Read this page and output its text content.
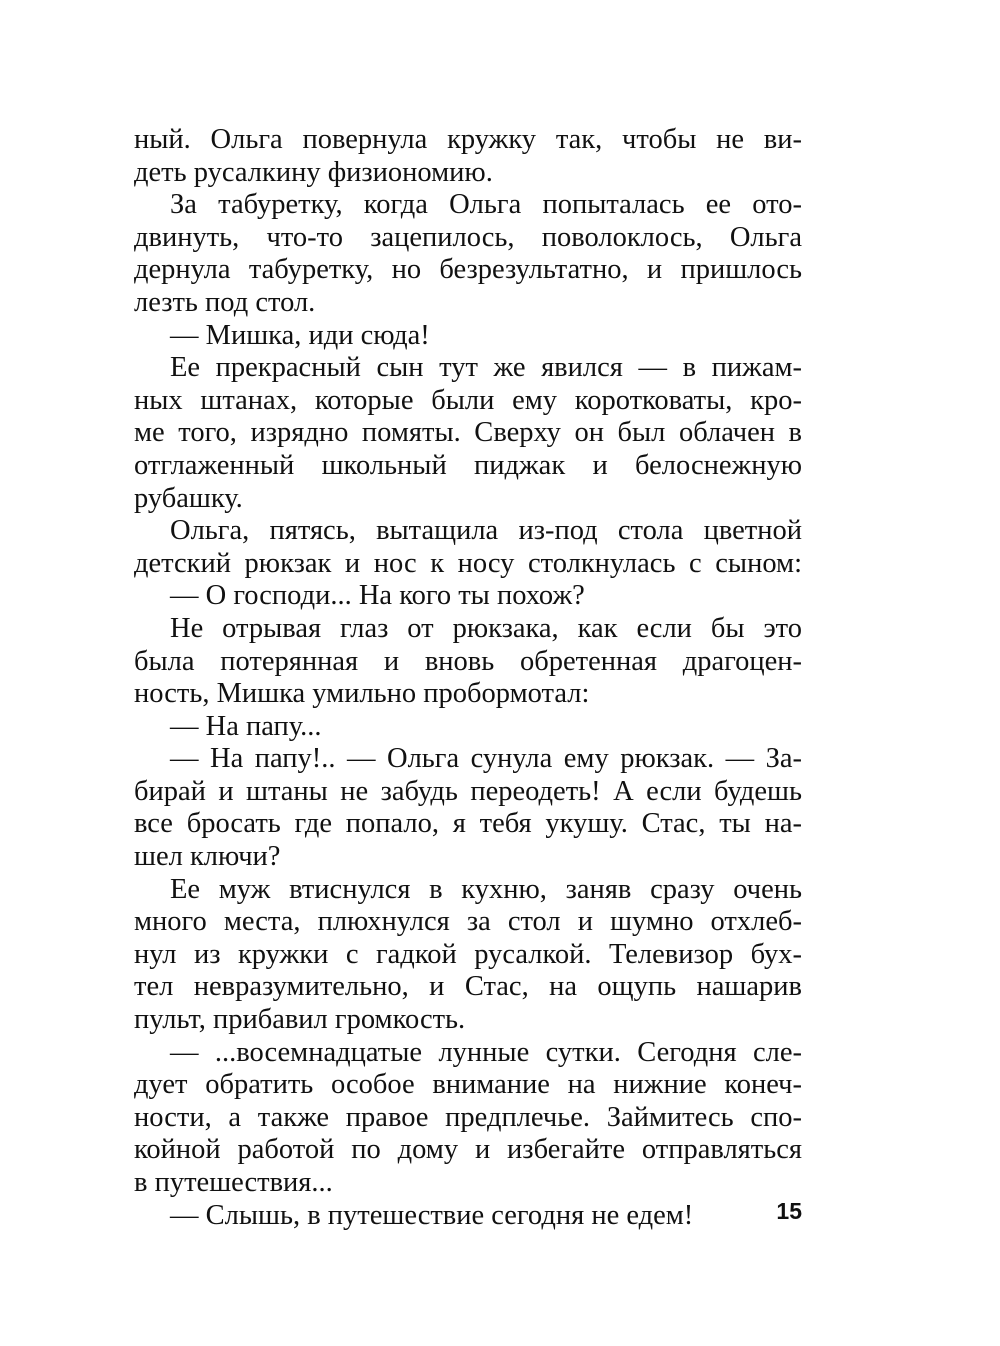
ный. Ольга повернула кружку так, чтобы не ви-
деть русалкину физиономию.
За табуретку, когда Ольга попыталась ее ото-
двинуть, что-то зацепилось, поволоклось, Ольга
дернула табуретку, но безрезультатно, и пришлось
лезть под стол.
— Мишка, иди сюда!
Ее прекрасный сын тут же явился — в пижам-
ных штанах, которые были ему коротковаты, кро-
ме того, изрядно помяты. Сверху он был облачен в
отглаженный школьный пиджак и белоснежную
рубашку.
Ольга, пятясь, вытащила из-под стола цветной
детский рюкзак и нос к носу столкнулась с сыном:
— О господи... На кого ты похож?
Не отрывая глаз от рюкзака, как если бы это
была потерянная и вновь обретенная драгоцен-
ность, Мишка умильно пробормотал:
— На папу...
— На папу!.. — Ольга сунула ему рюкзак. — За-
бирай и штаны не забудь переодеть! А если будешь
все бросать где попало, я тебя укушу. Стас, ты на-
шел ключи?
Ее муж втиснулся в кухню, заняв сразу очень
много места, плюхнулся за стол и шумно отхлеб-
нул из кружки с гадкой русалкой. Телевизор бух-
тел невразумительно, и Стас, на ощупь нашарив
пульт, прибавил громкость.
— ...восемнадцатые лунные сутки. Сегодня сле-
дует обратить особое внимание на нижние конеч-
ности, а также правое предплечье. Займитесь спо-
койной работой по дому и избегайте отправляться
в путешествия...
— Слышь, в путешествие сегодня не едем!	15
